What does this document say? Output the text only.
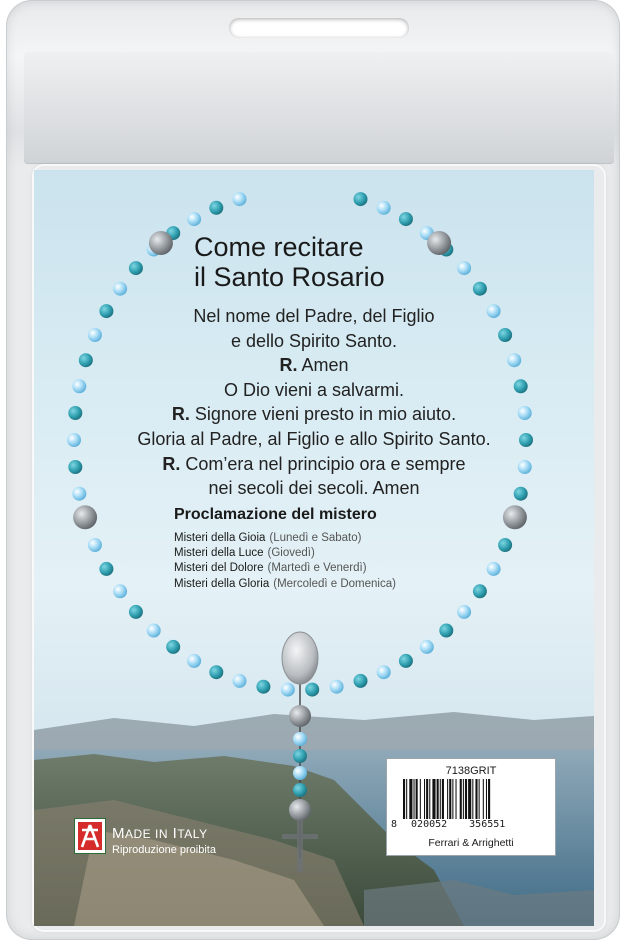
Come recitare
il Santo Rosario
Nel nome del Padre, del Figlio
e dello Spirito Santo.
R. Amen
O Dio vieni a salvarmi.
R. Signore vieni presto in mio aiuto.
Gloria al Padre, al Figlio e allo Spirito Santo.
R. Com’era nel principio ora e sempre
nei secoli dei secoli. Amen
Proclamazione del mistero
Misteri della Gioia (Lunedì e Sabato)
Misteri della Luce (Giovedì)
Misteri del Dolore (Martedì e Venerdì)
Misteri della Gloria (Mercoledì e Domenica)
MADE IN ITALY
Riproduzione proibita
7138GRIT
8 020052 356551
Ferrari & Arrighetti
